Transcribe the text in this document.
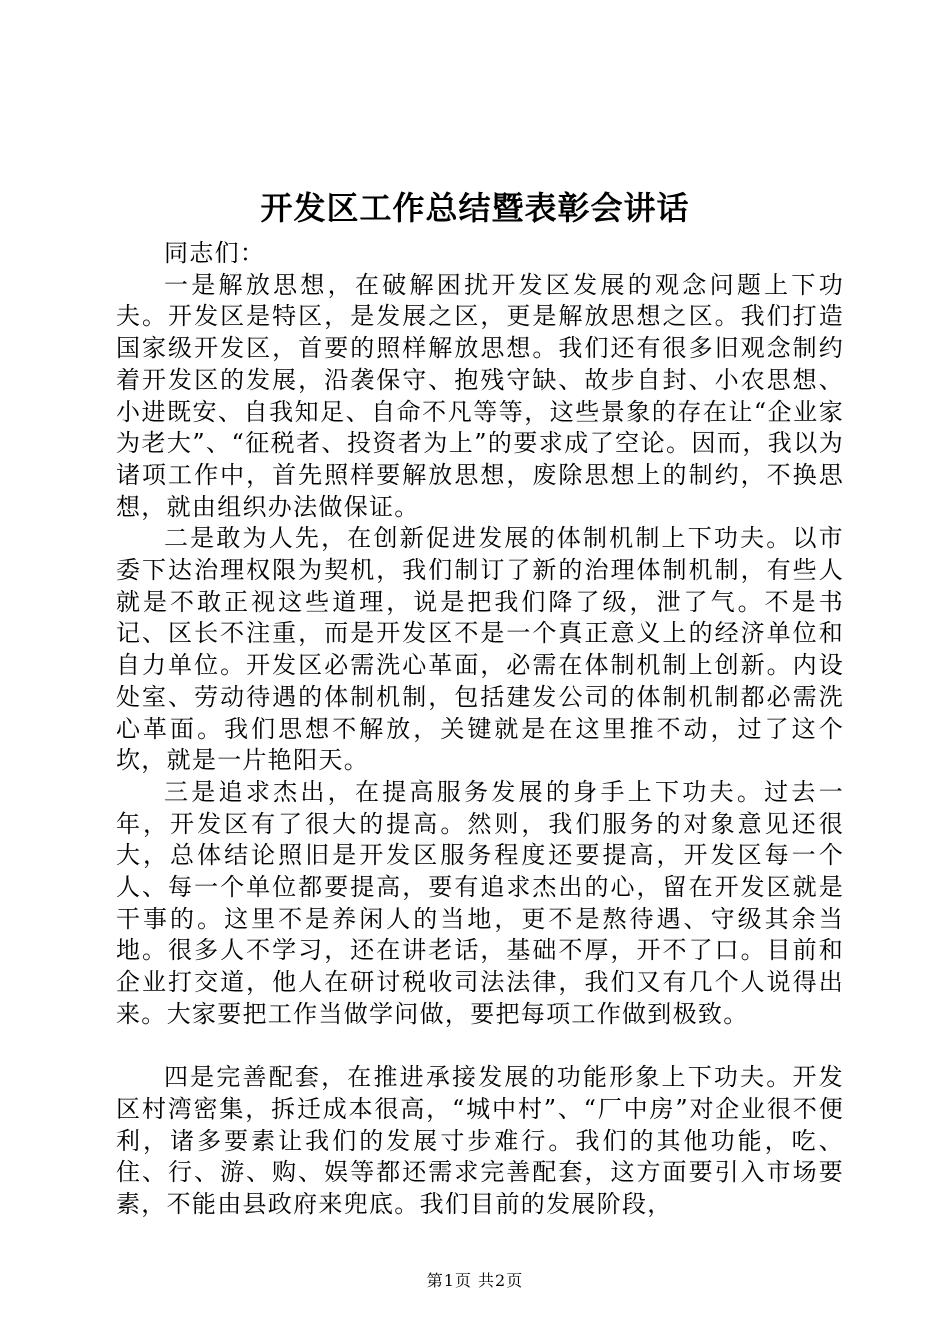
开发区工作总结暨表彰会讲话

同志们：

一是解放思想，在破解困扰开发区发展的观念问题上下功夫。开发区是特区，是发展之区，更是解放思想之区。我们打造国家级开发区，首要的照样解放思想。我们还有很多旧观念制约着开发区的发展，沿袭保守、抱残守缺、故步自封、小农思想、小进既安、自我知足、自命不凡等等，这些景象的存在让“企业家为老大”、“征税者、投资者为上”的要求成了空论。因而，我以为诸项工作中，首先照样要解放思想，废除思想上的制约，不换思想，就由组织办法做保证。

二是敢为人先，在创新促进发展的体制机制上下功夫。以市委下达治理权限为契机，我们制订了新的治理体制机制，有些人就是不敢正视这些道理，说是把我们降了级，泄了气。不是书记、区长不注重，而是开发区不是一个真正意义上的经济单位和自力单位。开发区必需洗心革面，必需在体制机制上创新。内设处室、劳动待遇的体制机制，包括建发公司的体制机制都必需洗心革面。我们思想不解放，关键就是在这里推不动，过了这个坎，就是一片艳阳天。

三是追求杰出，在提高服务发展的身手上下功夫。过去一年，开发区有了很大的提高。然则，我们服务的对象意见还很大，总体结论照旧是开发区服务程度还要提高，开发区每一个人、每一个单位都要提高，要有追求杰出的心，留在开发区就是干事的。这里不是养闲人的当地，更不是熬待遇、守级其余当地。很多人不学习，还在讲老话，基础不厚，开不了口。目前和企业打交道，他人在研讨税收司法法律，我们又有几个人说得出来。大家要把工作当做学问做，要把每项工作做到极致。

四是完善配套，在推进承接发展的功能形象上下功夫。开发区村湾密集，拆迁成本很高，“城中村”、“厂中房”对企业很不便利，诸多要素让我们的发展寸步难行。我们的其他功能，吃、住、行、游、购、娱等都还需求完善配套，这方面要引入市场要素，不能由县政府来兜底。我们目前的发展阶段，

第1页 共2页
